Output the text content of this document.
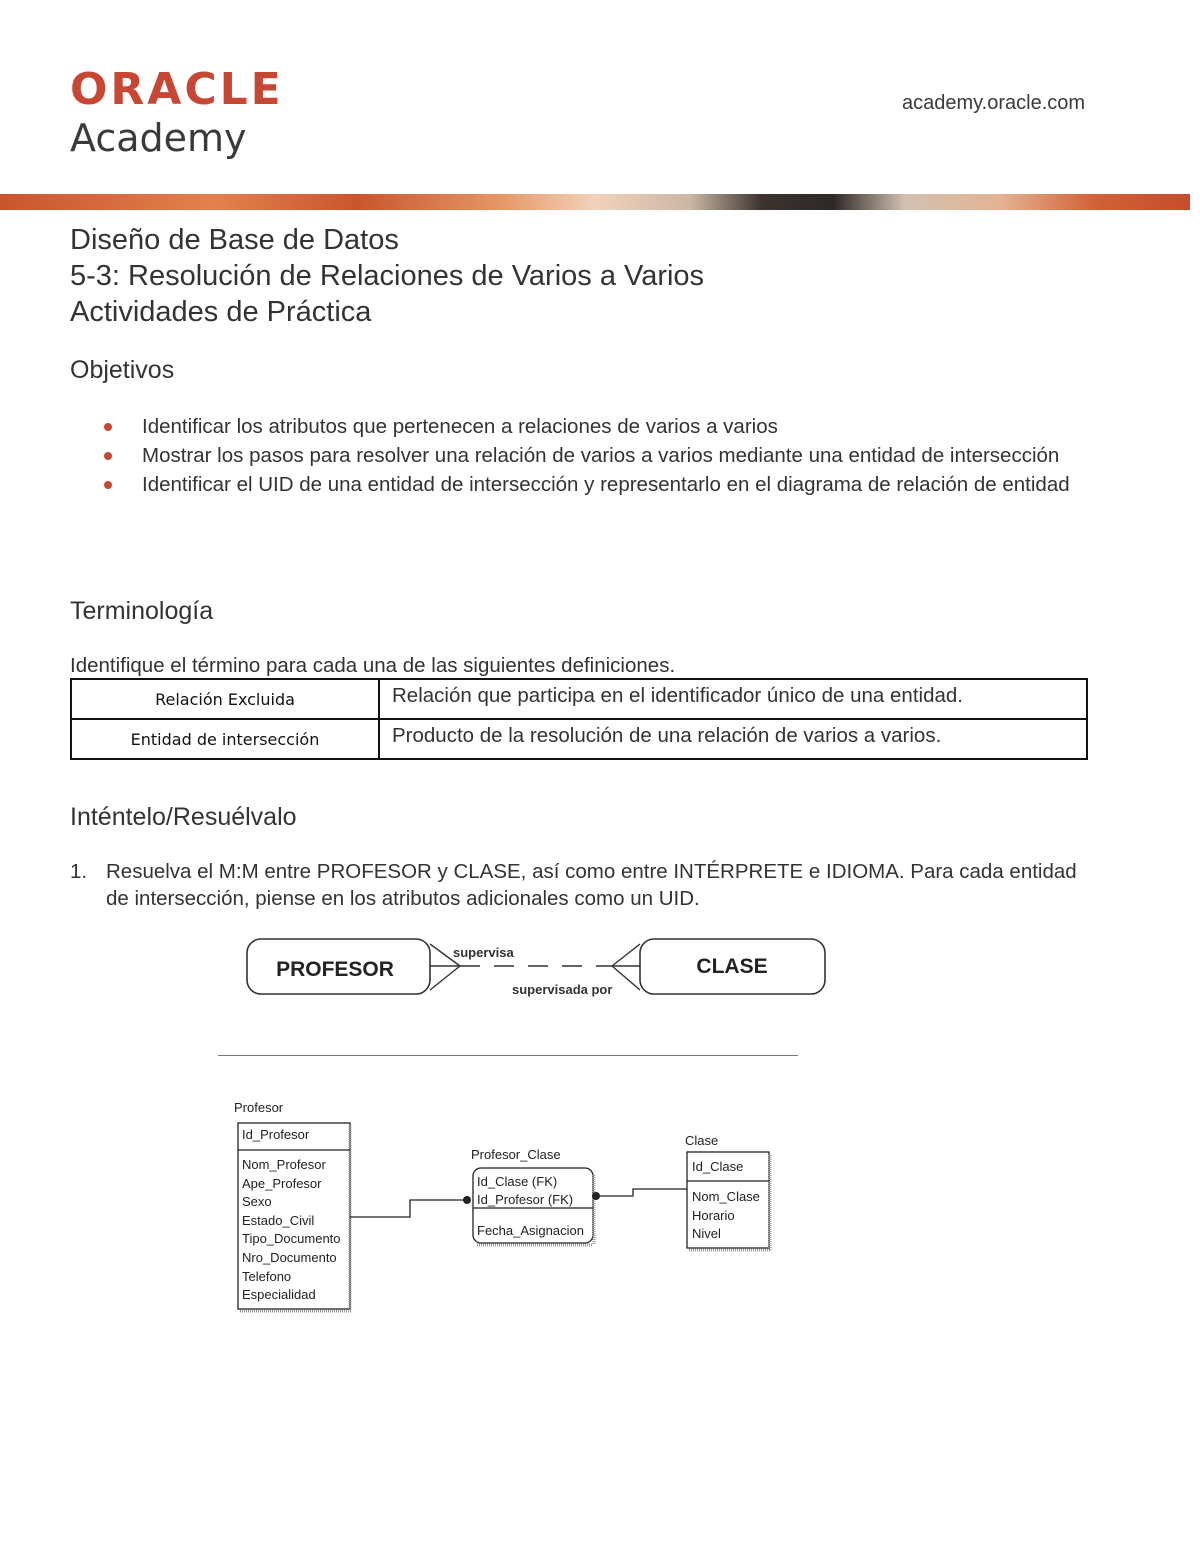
ORACLE
Academy
academy.oracle.com
Diseño de Base de Datos
5-3: Resolución de Relaciones de Varios a Varios
Actividades de Práctica
Objetivos
Identificar los atributos que pertenecen a relaciones de varios a varios
Mostrar los pasos para resolver una relación de varios a varios mediante una entidad de intersección
Identificar el UID de una entidad de intersección y representarlo en el diagrama de relación de entidad
Terminología
Identifique el término para cada una de las siguientes definiciones.
Relación Excluida	Relación que participa en el identificador único de una entidad.
Entidad de intersección	Producto de la resolución de una relación de varios a varios.
Inténtelo/Resuélvalo
1. Resuelva el M:M entre PROFESOR y CLASE, así como entre INTÉRPRETE e IDIOMA. Para cada entidad de intersección, piense en los atributos adicionales como un UID.
PROFESOR	CLASE
supervisa
supervisada por
Profesor
Id_Profesor
Nom_Profesor
Ape_Profesor
Sexo
Estado_Civil
Tipo_Documento
Nro_Documento
Telefono
Especialidad
Profesor_Clase
Id_Clase (FK)
Id_Profesor (FK)
Fecha_Asignacion
Clase
Id_Clase
Nom_Clase
Horario
Nivel
